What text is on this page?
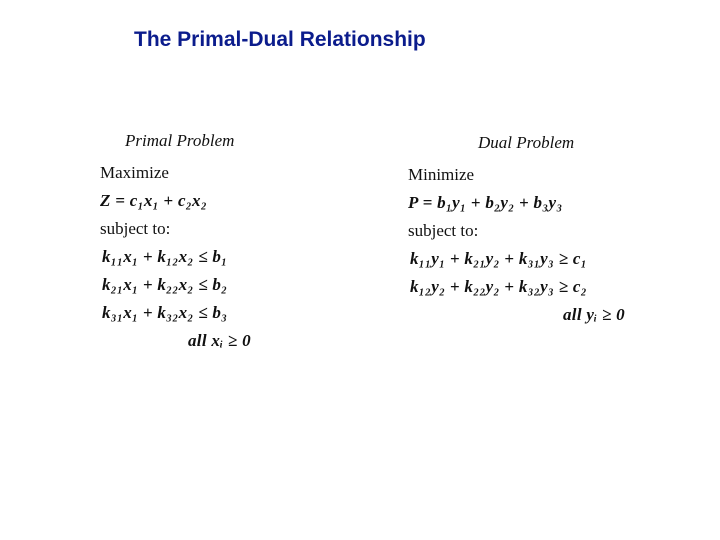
The Primal-Dual Relationship
Primal Problem
Maximize
Z = c₁x₁ + c₂x₂
subject to:
k₁₁x₁ + k₁₂x₂ ≤ b₁
k₂₁x₁ + k₂₂x₂ ≤ b₂
k₃₁x₁ + k₃₂x₂ ≤ b₃
all xᵢ ≥ 0
Dual Problem
Minimize
P = b₁y₁ + b₂y₂ + b₃y₃
subject to:
k₁₁y₁ + k₂₁y₂ + k₃₁y₃ ≥ c₁
k₁₂y₂ + k₂₂y₂ + k₃₂y₃ ≥ c₂
all yᵢ ≥ 0
